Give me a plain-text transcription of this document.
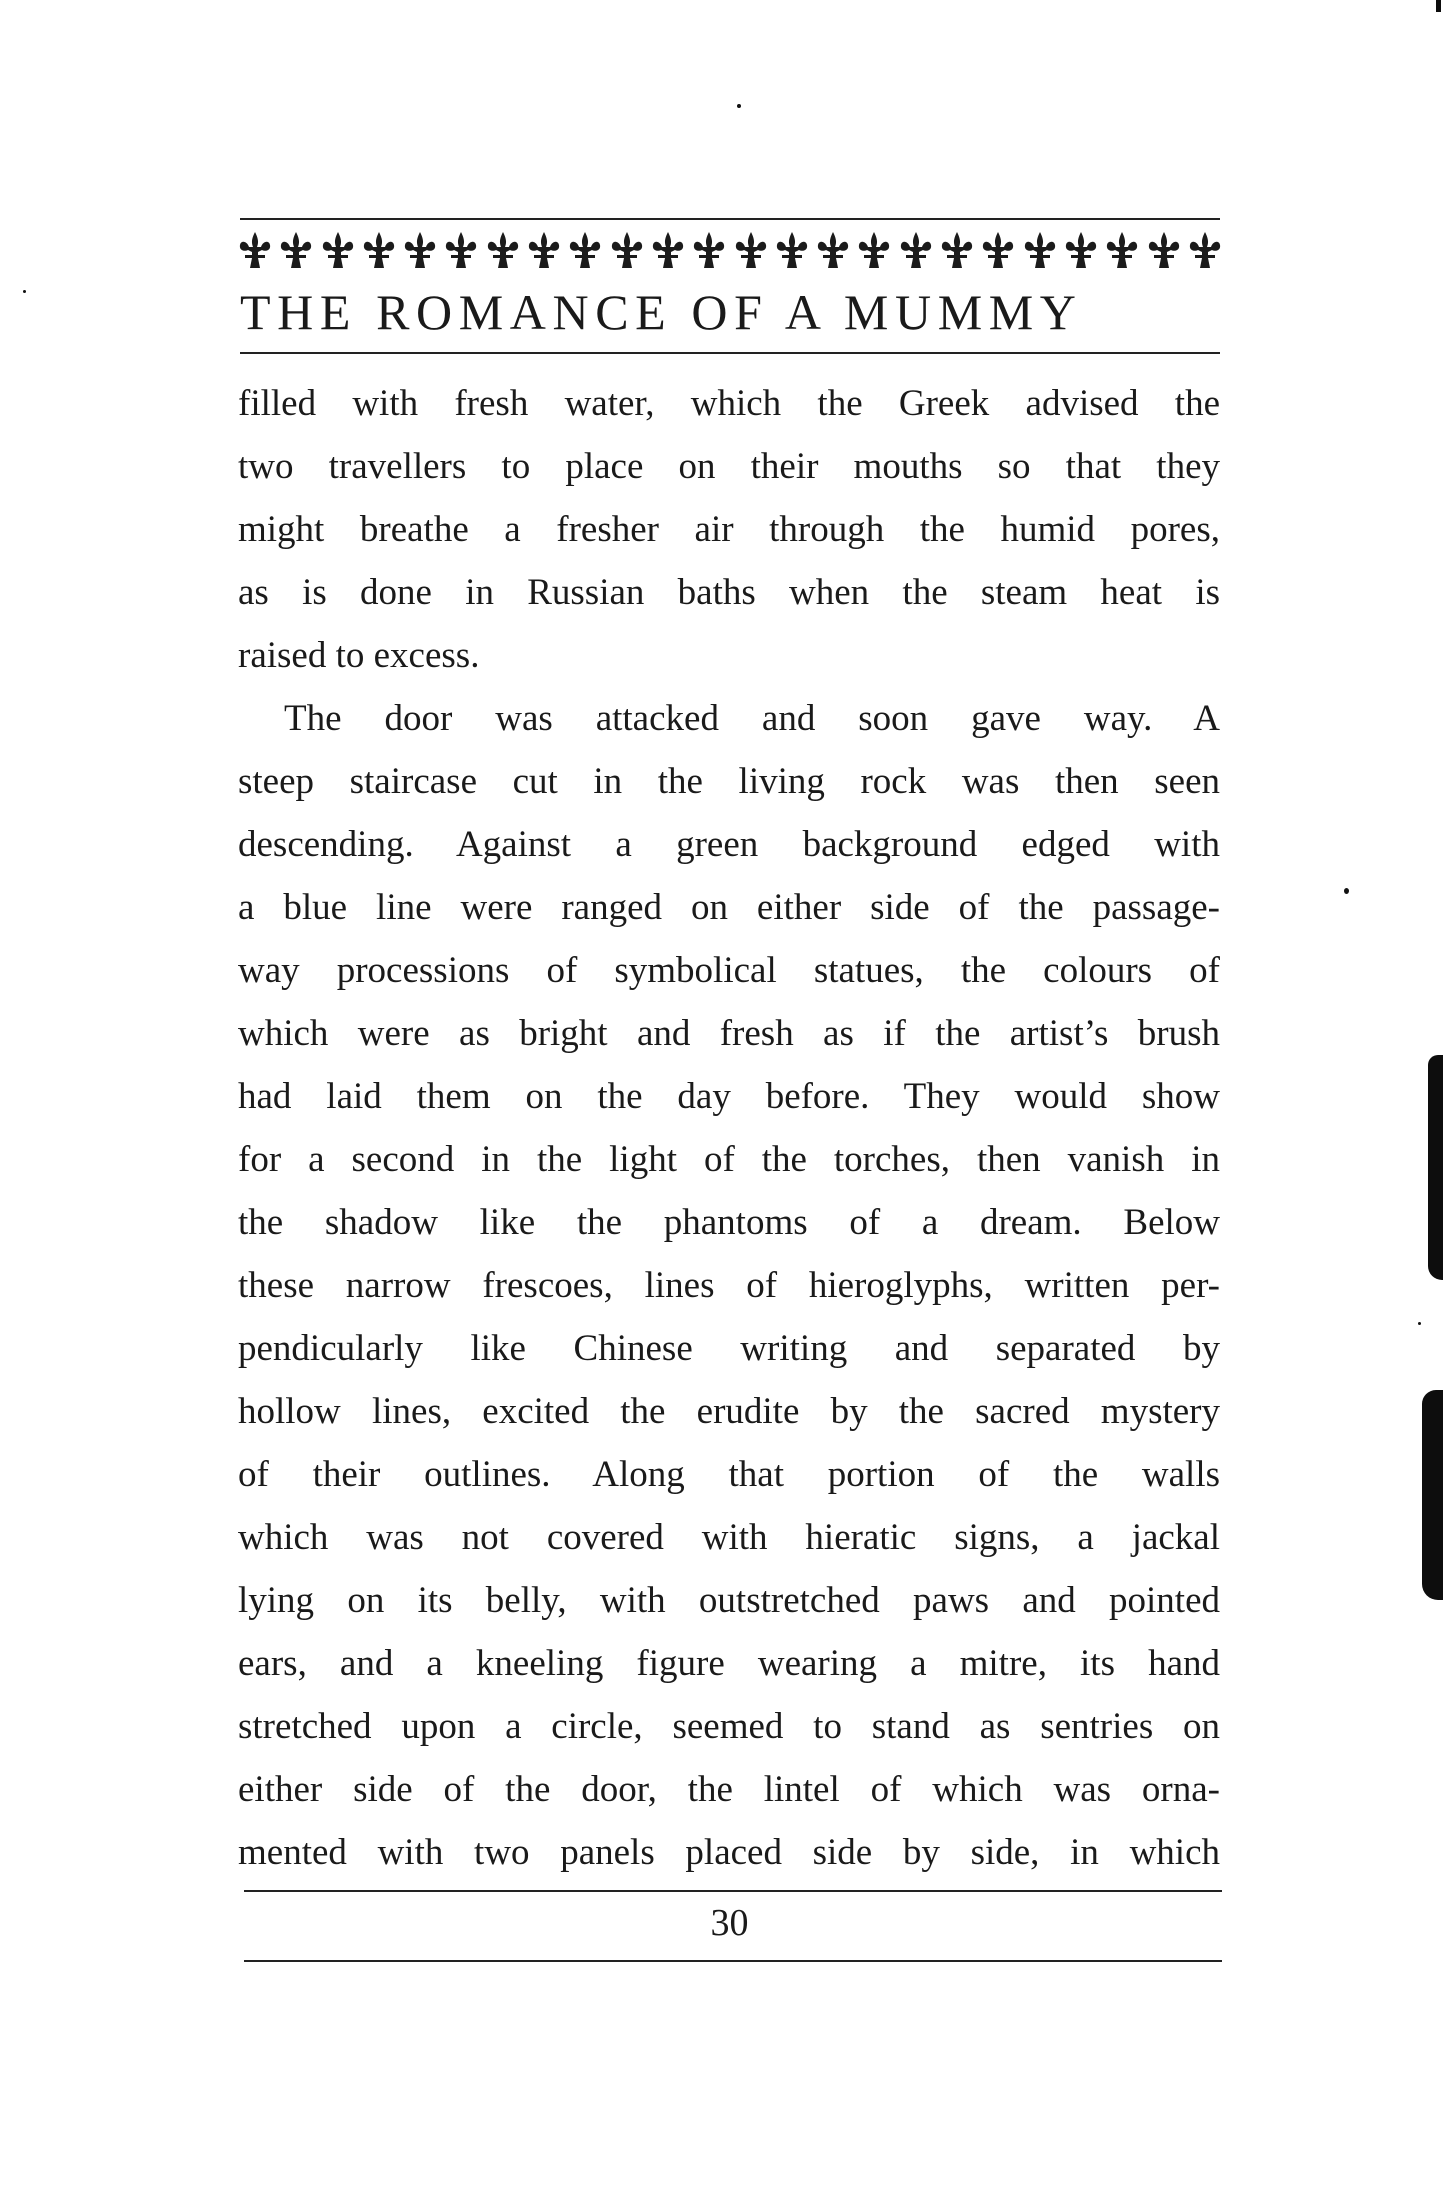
THE ROMANCE OF A MUMMY
filled with fresh water, which the Greek advised the
two travellers to place on their mouths so that they
might breathe a fresher air through the humid pores,
as is done in Russian baths when the steam heat is
raised to excess.
The door was attacked and soon gave way. A
steep staircase cut in the living rock was then seen
descending. Against a green background edged with
a blue line were ranged on either side of the passage-
way processions of symbolical statues, the colours of
which were as bright and fresh as if the artist’s brush
had laid them on the day before. They would show
for a second in the light of the torches, then vanish in
the shadow like the phantoms of a dream. Below
these narrow frescoes, lines of hieroglyphs, written per-
pendicularly like Chinese writing and separated by
hollow lines, excited the erudite by the sacred mystery
of their outlines. Along that portion of the walls
which was not covered with hieratic signs, a jackal
lying on its belly, with outstretched paws and pointed
ears, and a kneeling figure wearing a mitre, its hand
stretched upon a circle, seemed to stand as sentries on
either side of the door, the lintel of which was orna-
mented with two panels placed side by side, in which
30
